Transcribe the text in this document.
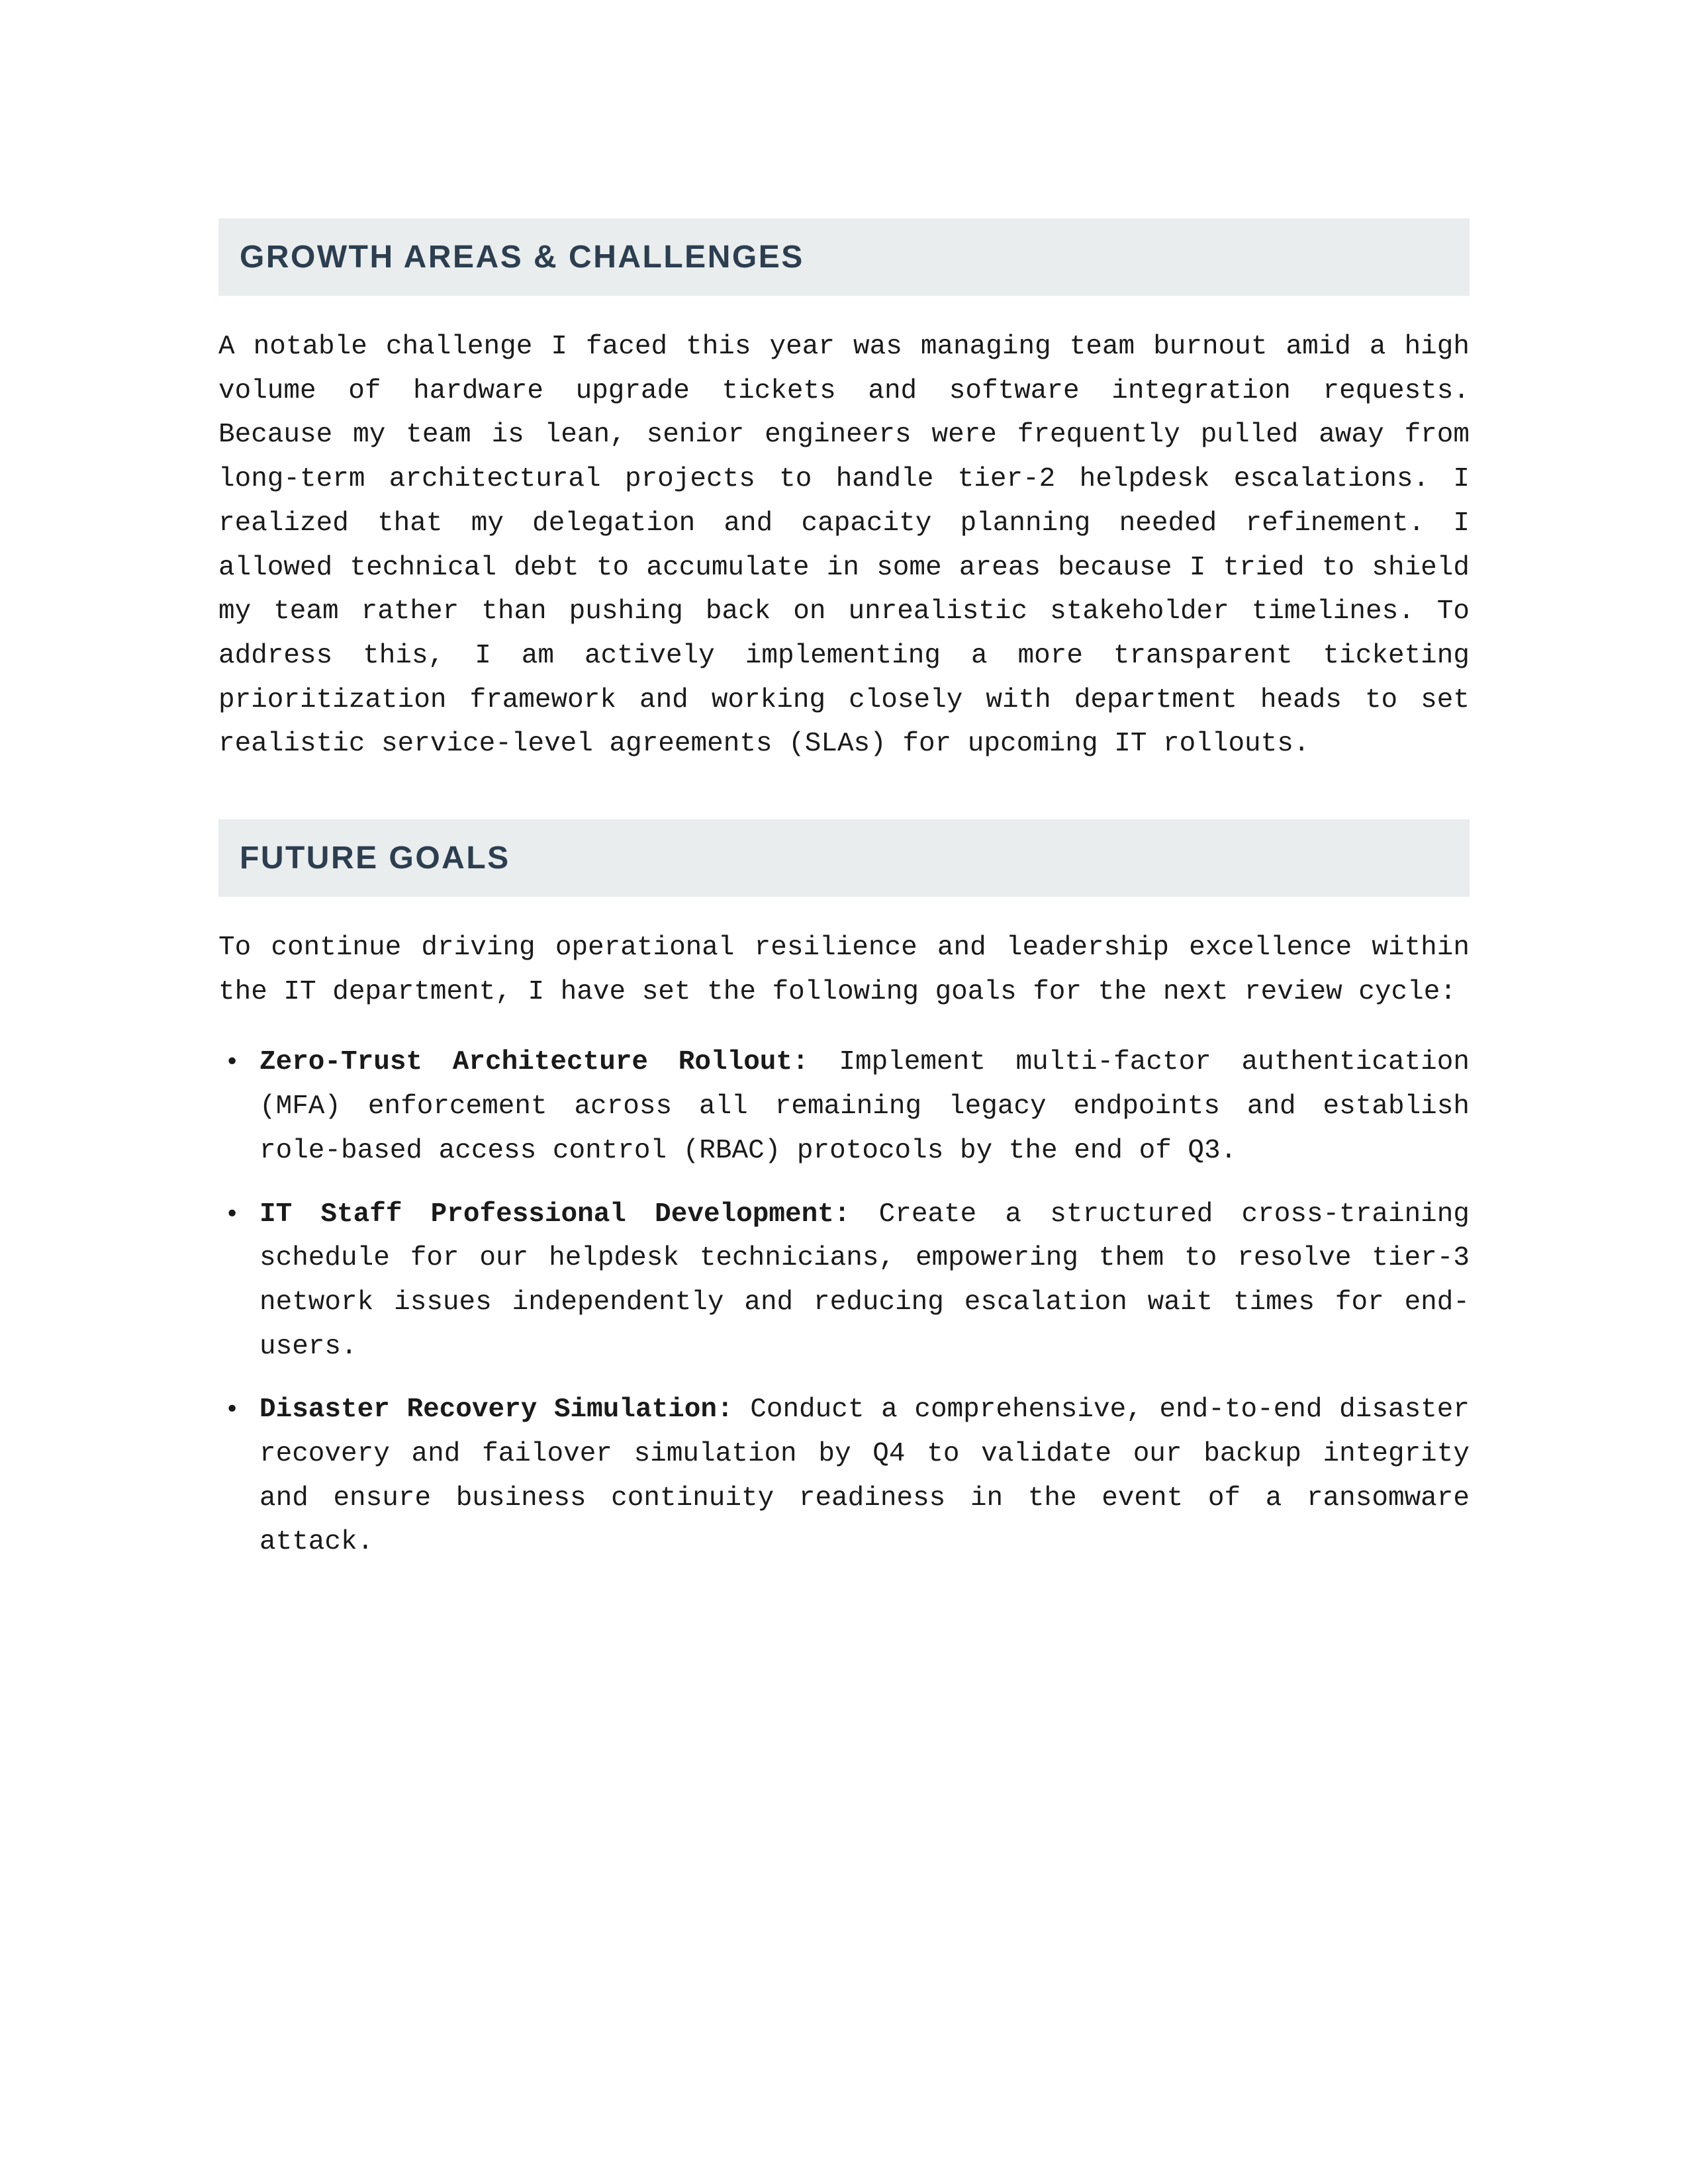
GROWTH AREAS & CHALLENGES

A notable challenge I faced this year was managing team burnout amid a high volume of hardware upgrade tickets and software integration requests. Because my team is lean, senior engineers were frequently pulled away from long-term architectural projects to handle tier-2 helpdesk escalations. I realized that my delegation and capacity planning needed refinement. I allowed technical debt to accumulate in some areas because I tried to shield my team rather than pushing back on unrealistic stakeholder timelines. To address this, I am actively implementing a more transparent ticketing prioritization framework and working closely with department heads to set realistic service-level agreements (SLAs) for upcoming IT rollouts.

FUTURE GOALS

To continue driving operational resilience and leadership excellence within the IT department, I have set the following goals for the next review cycle:

• Zero-Trust Architecture Rollout: Implement multi-factor authentication (MFA) enforcement across all remaining legacy endpoints and establish role-based access control (RBAC) protocols by the end of Q3.
• IT Staff Professional Development: Create a structured cross-training schedule for our helpdesk technicians, empowering them to resolve tier-3 network issues independently and reducing escalation wait times for end-users.
• Disaster Recovery Simulation: Conduct a comprehensive, end-to-end disaster recovery and failover simulation by Q4 to validate our backup integrity and ensure business continuity readiness in the event of a ransomware attack.
